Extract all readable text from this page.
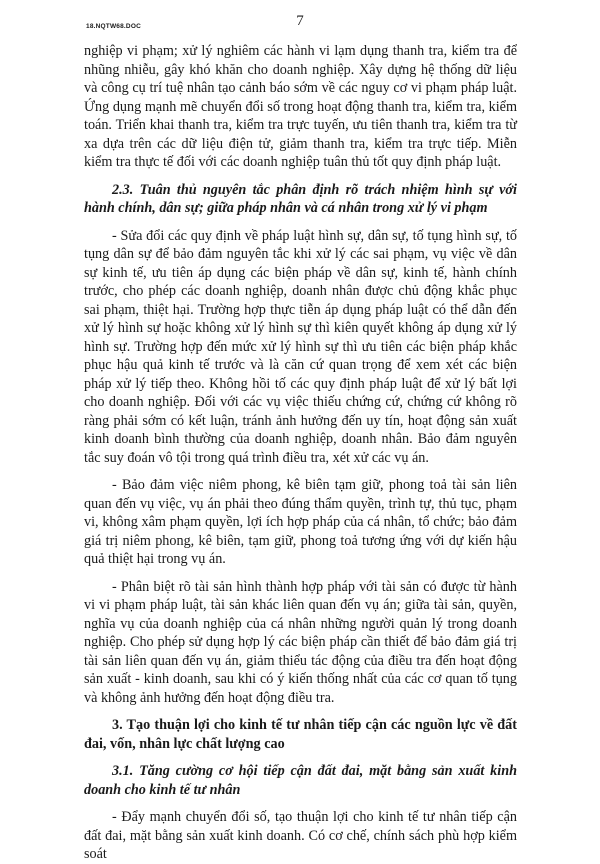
18.NQTW68.DOC	7

nghiệp vi phạm; xử lý nghiêm các hành vi lạm dụng thanh tra, kiểm tra để nhũng nhiễu, gây khó khăn cho doanh nghiệp. Xây dựng hệ thống dữ liệu và công cụ trí tuệ nhân tạo cảnh báo sớm về các nguy cơ vi phạm pháp luật. Ứng dụng mạnh mẽ chuyển đổi số trong hoạt động thanh tra, kiểm tra, kiểm toán. Triển khai thanh tra, kiểm tra trực tuyến, ưu tiên thanh tra, kiểm tra từ xa dựa trên các dữ liệu điện tử, giảm thanh tra, kiểm tra trực tiếp. Miễn kiểm tra thực tế đối với các doanh nghiệp tuân thủ tốt quy định pháp luật.

2.3. Tuân thủ nguyên tắc phân định rõ trách nhiệm hình sự với hành chính, dân sự; giữa pháp nhân và cá nhân trong xử lý vi phạm

- Sửa đổi các quy định về pháp luật hình sự, dân sự, tố tụng hình sự, tố tụng dân sự để bảo đảm nguyên tắc khi xử lý các sai phạm, vụ việc về dân sự kinh tế, ưu tiên áp dụng các biện pháp về dân sự, kinh tế, hành chính trước, cho phép các doanh nghiệp, doanh nhân được chủ động khắc phục sai phạm, thiệt hại. Trường hợp thực tiễn áp dụng pháp luật có thể dẫn đến xử lý hình sự hoặc không xử lý hình sự thì kiên quyết không áp dụng xử lý hình sự. Trường hợp đến mức xử lý hình sự thì ưu tiên các biện pháp khắc phục hậu quả kinh tế trước và là căn cứ quan trọng để xem xét các biện pháp xử lý tiếp theo. Không hồi tố các quy định pháp luật để xử lý bất lợi cho doanh nghiệp. Đối với các vụ việc thiếu chứng cứ, chứng cứ không rõ ràng phải sớm có kết luận, tránh ảnh hưởng đến uy tín, hoạt động sản xuất kinh doanh bình thường của doanh nghiệp, doanh nhân. Bảo đảm nguyên tắc suy đoán vô tội trong quá trình điều tra, xét xử các vụ án.

- Bảo đảm việc niêm phong, kê biên tạm giữ, phong toả tài sản liên quan đến vụ việc, vụ án phải theo đúng thẩm quyền, trình tự, thủ tục, phạm vi, không xâm phạm quyền, lợi ích hợp pháp của cá nhân, tổ chức; bảo đảm giá trị niêm phong, kê biên, tạm giữ, phong toả tương ứng với dự kiến hậu quả thiệt hại trong vụ án.

- Phân biệt rõ tài sản hình thành hợp pháp với tài sản có được từ hành vi vi phạm pháp luật, tài sản khác liên quan đến vụ án; giữa tài sản, quyền, nghĩa vụ của doanh nghiệp của cá nhân những người quản lý trong doanh nghiệp. Cho phép sử dụng hợp lý các biện pháp cần thiết để bảo đảm giá trị tài sản liên quan đến vụ án, giảm thiểu tác động của điều tra đến hoạt động sản xuất - kinh doanh, sau khi có ý kiến thống nhất của các cơ quan tố tụng và không ảnh hưởng đến hoạt động điều tra.

3. Tạo thuận lợi cho kinh tế tư nhân tiếp cận các nguồn lực về đất đai, vốn, nhân lực chất lượng cao

3.1. Tăng cường cơ hội tiếp cận đất đai, mặt bằng sản xuất kinh doanh cho kinh tế tư nhân

- Đẩy mạnh chuyển đổi số, tạo thuận lợi cho kinh tế tư nhân tiếp cận đất đai, mặt bằng sản xuất kinh doanh. Có cơ chế, chính sách phù hợp kiểm soát
